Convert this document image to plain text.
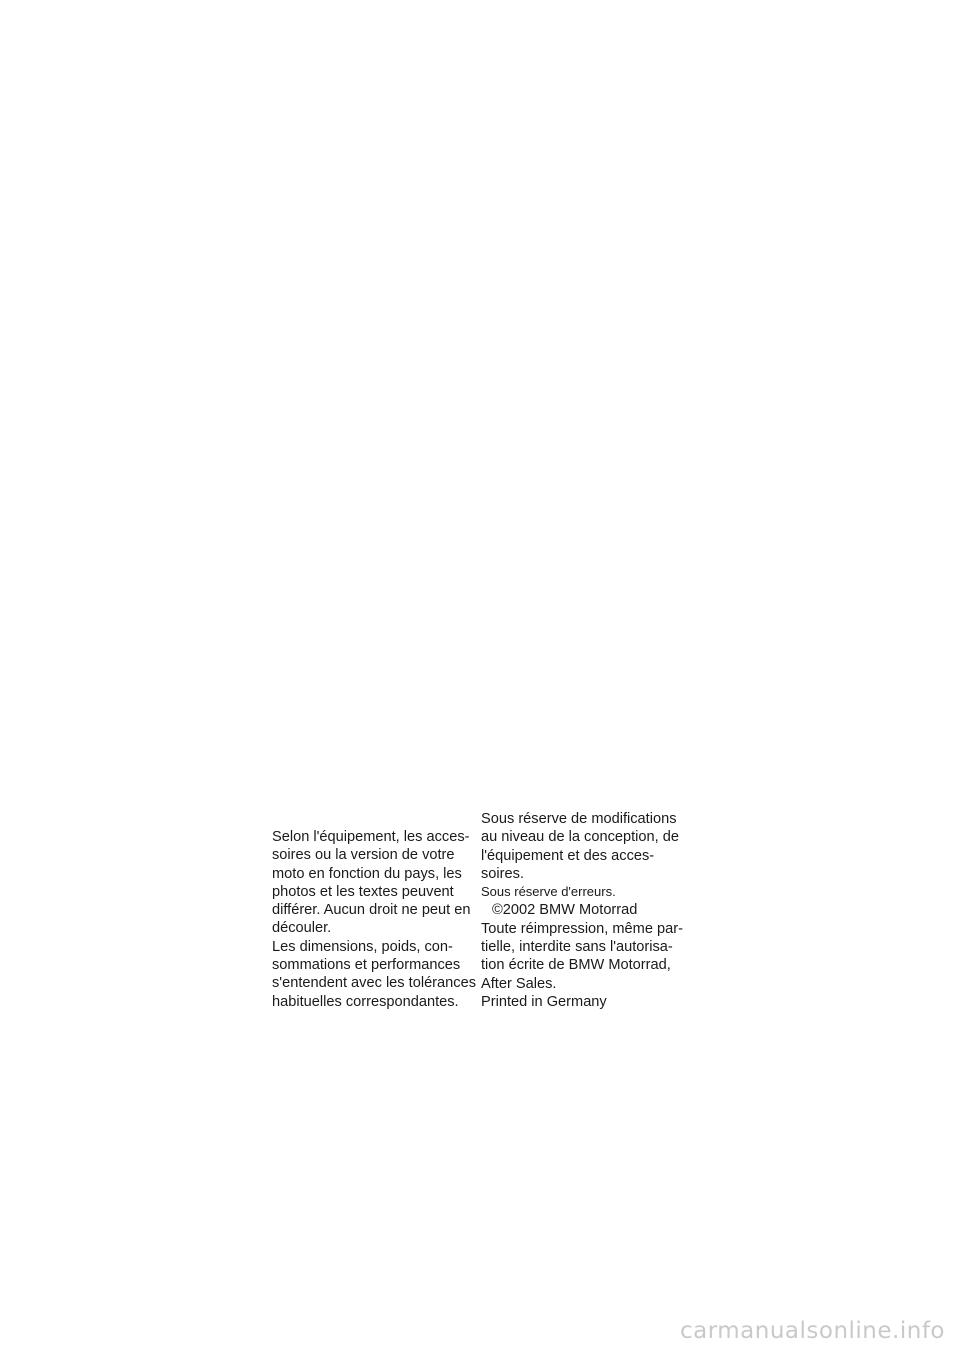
Selon l'équipement, les acces-
soires ou la version de votre
moto en fonction du pays, les
photos et les textes peuvent
différer. Aucun droit ne peut en
découler.
Les dimensions, poids, con-
sommations et performances
s'entendent avec les tolérances
habituelles correspondantes.
Sous réserve de modifications
au niveau de la conception, de
l'équipement et des acces-
soires.
Sous réserve d'erreurs.
©2002 BMW Motorrad
Toute réimpression, même par-
tielle, interdite sans l'autorisa-
tion écrite de BMW Motorrad,
After Sales.
Printed in Germany
carmanualsonline.info
